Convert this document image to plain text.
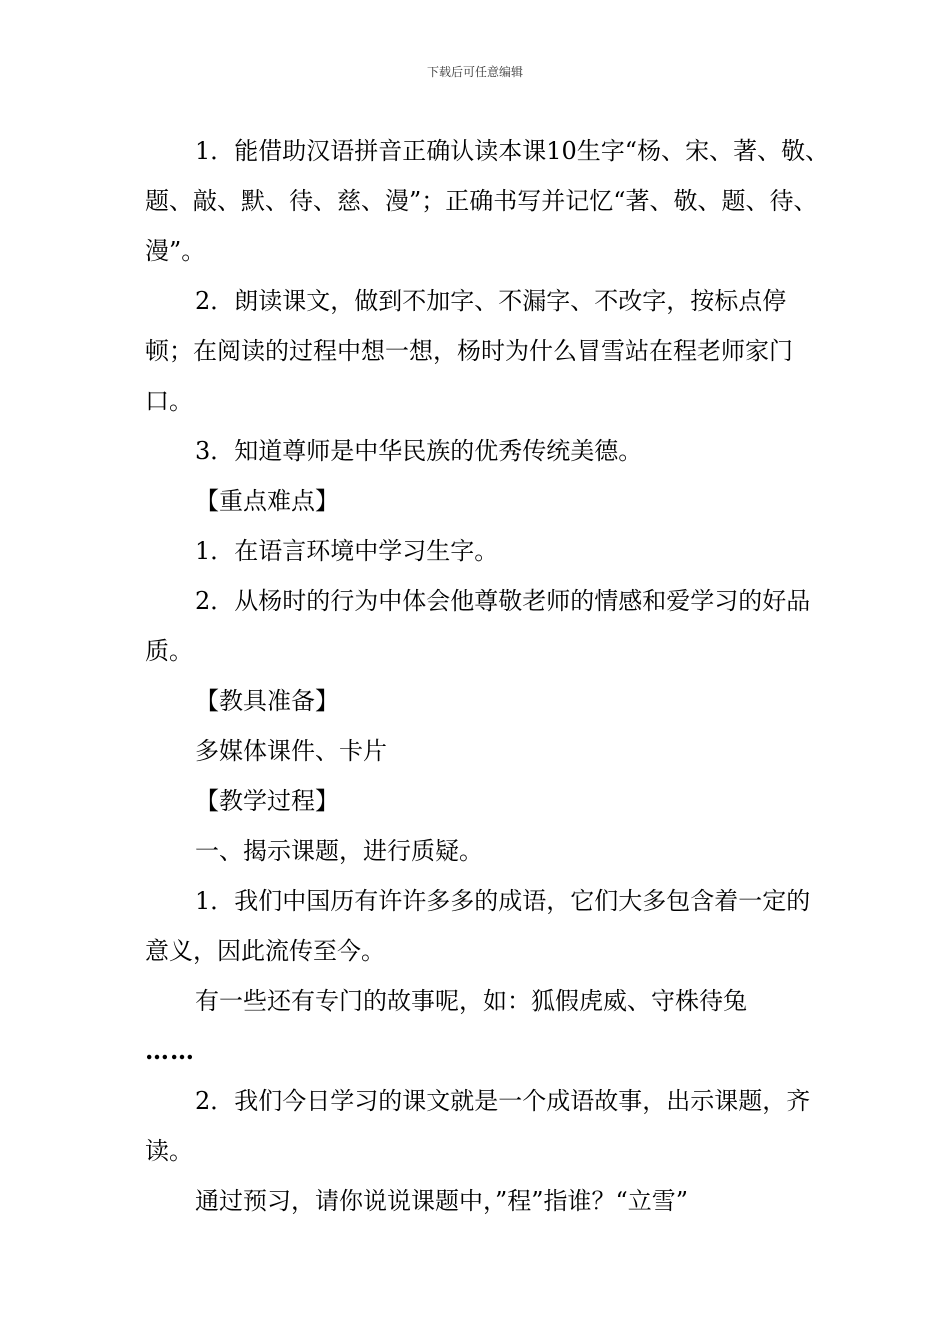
下载后可任意编辑

1．能借助汉语拼音正确认读本课10生字“杨、宋、著、敬、题、敲、默、待、慈、漫”；正确书写并记忆“著、敬、题、待、漫”。

2．朗读课文，做到不加字、不漏字、不改字，按标点停顿；在阅读的过程中想一想，杨时为什么冒雪站在程老师家门口。

3．知道尊师是中华民族的优秀传统美德。

【重点难点】

1．在语言环境中学习生字。

2．从杨时的行为中体会他尊敬老师的情感和爱学习的好品质。

【教具准备】

多媒体课件、卡片

【教学过程】

一、揭示课题，进行质疑。

1．我们中国历有许许多多的成语，它们大多包含着一定的意义，因此流传至今。

有一些还有专门的故事呢，如：狐假虎威、守株待兔
……

2．我们今日学习的课文就是一个成语故事，出示课题，齐读。

通过预习，请你说说课题中，”程”指谁？“立雪”
